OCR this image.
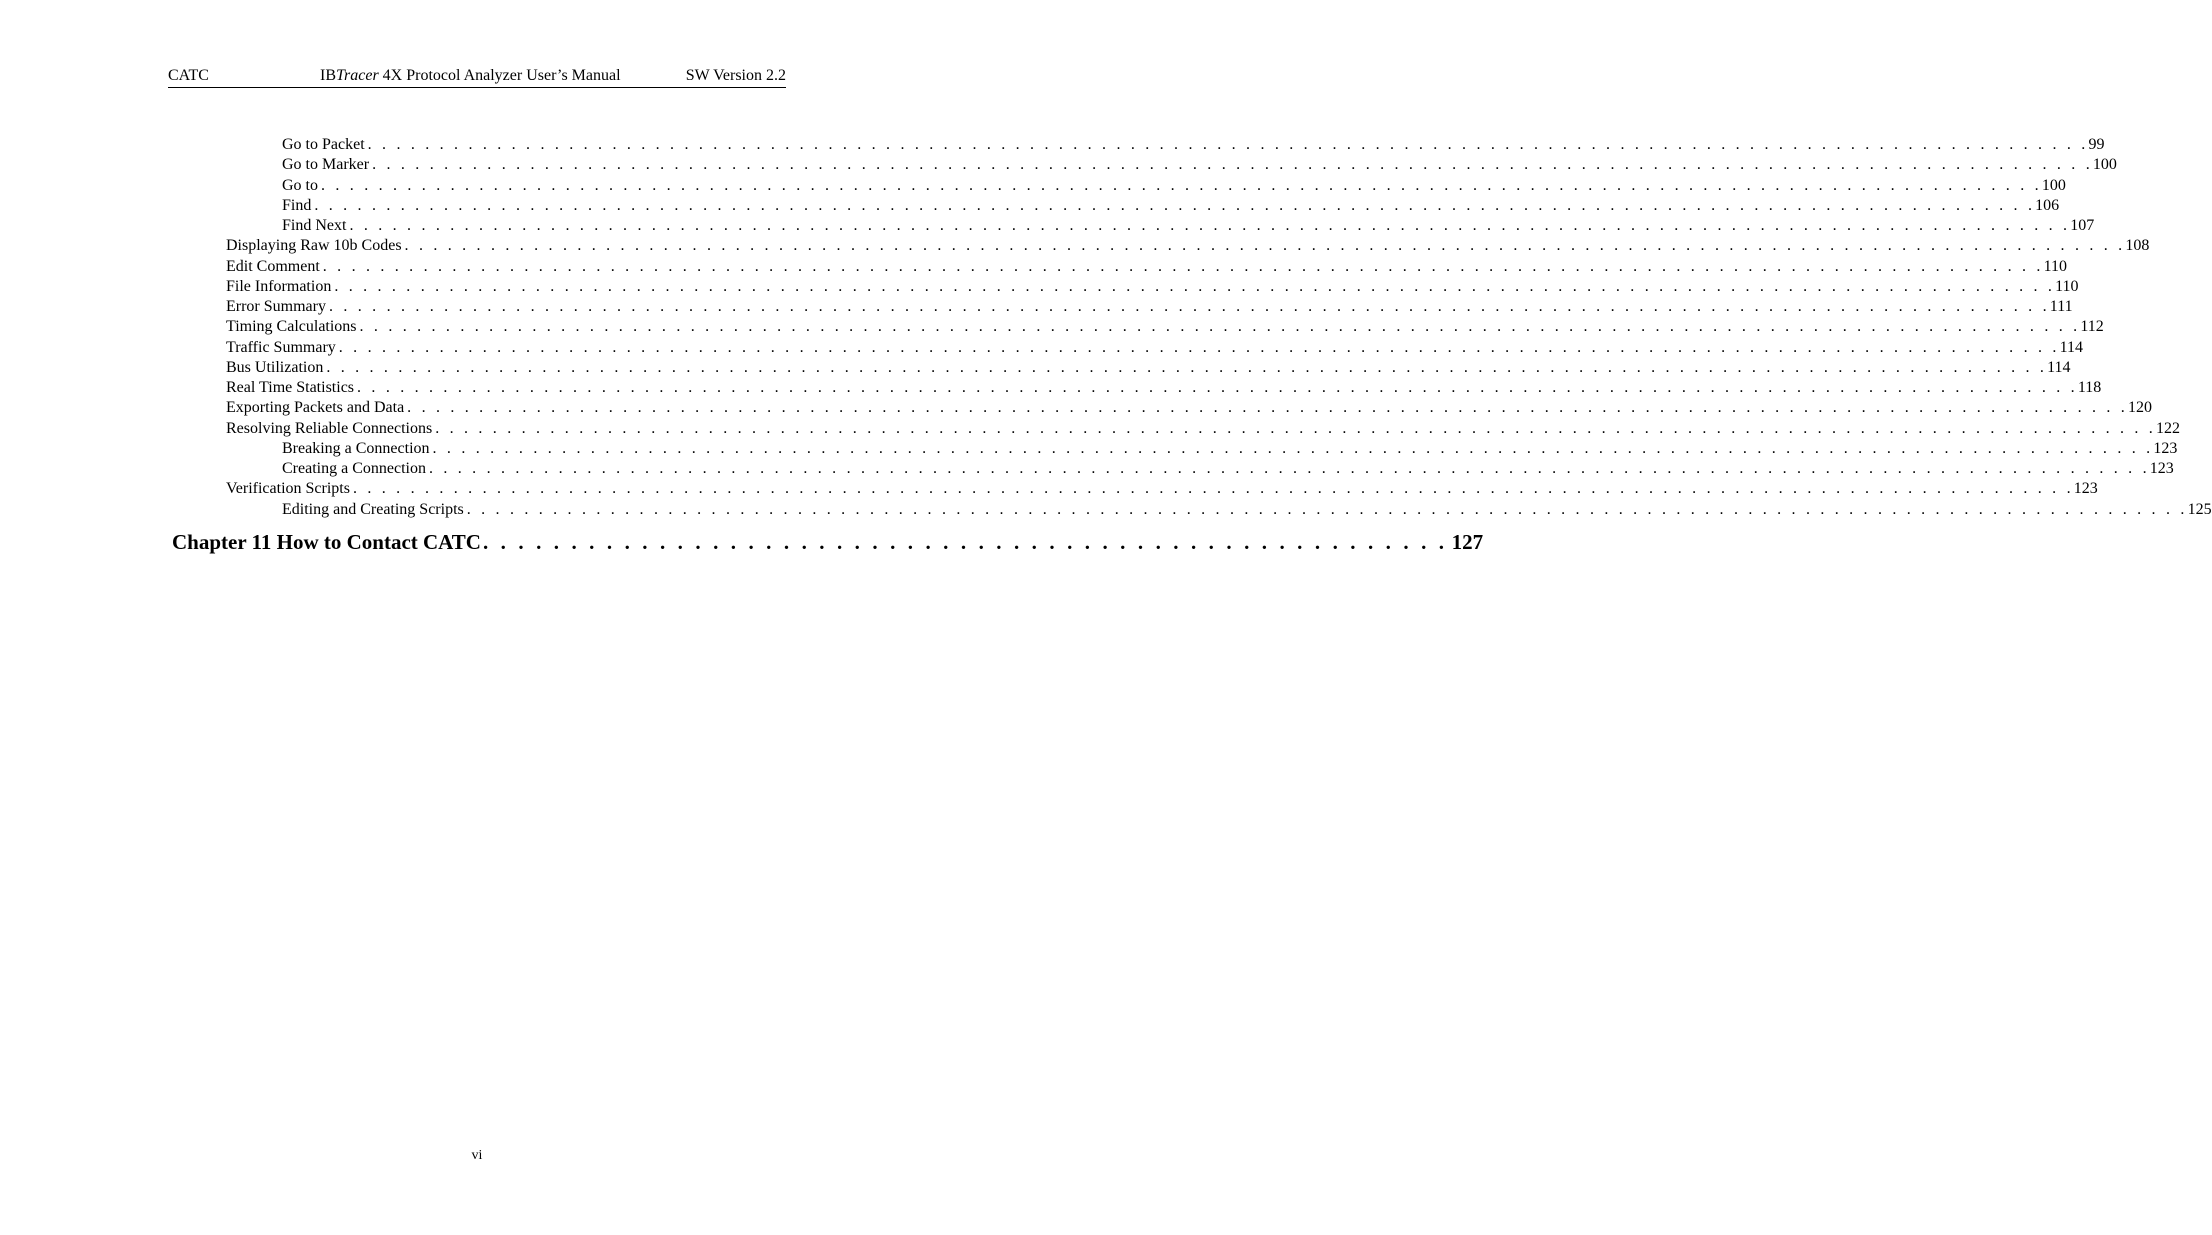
CATC	IBTracer 4X Protocol Analyzer User’s Manual	SW Version 2.2
Go to Packet . . . . . . . . . . . . . . . . . . . . . . . . . . . . . . . . . . . . . . . . . . . . . . . . . . . . . . . . . . . . . . . . . . . . . . . . . . . . . . . . . . . . . . . . . . . . . . . . . . . . . . . . . . . . . . . . . . . . . . . . 99
Go to Marker . . . . . . . . . . . . . . . . . . . . . . . . . . . . . . . . . . . . . . . . . . . . . . . . . . . . . . . . . . . . . . . . . . . . . . . . . . . . . . . . . . . . . . . . . . . . . . . . . . . . . . . . . . . . . . . . . . . . . . . . 100
Go to . . . . . . . . . . . . . . . . . . . . . . . . . . . . . . . . . . . . . . . . . . . . . . . . . . . . . . . . . . . . . . . . . . . . . . . . . . . . . . . . . . . . . . . . . . . . . . . . . . . . . . . . . . . . . . . . . . . . . . . . 100
Find . . . . . . . . . . . . . . . . . . . . . . . . . . . . . . . . . . . . . . . . . . . . . . . . . . . . . . . . . . . . . . . . . . . . . . . . . . . . . . . . . . . . . . . . . . . . . . . . . . . . . . . . . . . . . . . . . . . . . . . . 106
Find Next . . . . . . . . . . . . . . . . . . . . . . . . . . . . . . . . . . . . . . . . . . . . . . . . . . . . . . . . . . . . . . . . . . . . . . . . . . . . . . . . . . . . . . . . . . . . . . . . . . . . . . . . . . . . . . . . . . . . . . . . 107
Displaying Raw 10b Codes . . . . . . . . . . . . . . . . . . . . . . . . . . . . . . . . . . . . . . . . . . . . . . . . . . . . . . . . . . . . . . . . . . . . . . . . . . . . . . . . . . . . . . . . . . . . . . . . . . . . . . . . . . . . . . . . . . . . . . . . 108
Edit Comment . . . . . . . . . . . . . . . . . . . . . . . . . . . . . . . . . . . . . . . . . . . . . . . . . . . . . . . . . . . . . . . . . . . . . . . . . . . . . . . . . . . . . . . . . . . . . . . . . . . . . . . . . . . . . . . . . . . . . . . . 110
File Information . . . . . . . . . . . . . . . . . . . . . . . . . . . . . . . . . . . . . . . . . . . . . . . . . . . . . . . . . . . . . . . . . . . . . . . . . . . . . . . . . . . . . . . . . . . . . . . . . . . . . . . . . . . . . . . . . . . . . . . . 110
Error Summary . . . . . . . . . . . . . . . . . . . . . . . . . . . . . . . . . . . . . . . . . . . . . . . . . . . . . . . . . . . . . . . . . . . . . . . . . . . . . . . . . . . . . . . . . . . . . . . . . . . . . . . . . . . . . . . . . . . . . . . . 111
Timing Calculations . . . . . . . . . . . . . . . . . . . . . . . . . . . . . . . . . . . . . . . . . . . . . . . . . . . . . . . . . . . . . . . . . . . . . . . . . . . . . . . . . . . . . . . . . . . . . . . . . . . . . . . . . . . . . . . . . . . . . . . . 112
Traffic Summary . . . . . . . . . . . . . . . . . . . . . . . . . . . . . . . . . . . . . . . . . . . . . . . . . . . . . . . . . . . . . . . . . . . . . . . . . . . . . . . . . . . . . . . . . . . . . . . . . . . . . . . . . . . . . . . . . . . . . . . . 114
Bus Utilization . . . . . . . . . . . . . . . . . . . . . . . . . . . . . . . . . . . . . . . . . . . . . . . . . . . . . . . . . . . . . . . . . . . . . . . . . . . . . . . . . . . . . . . . . . . . . . . . . . . . . . . . . . . . . . . . . . . . . . . . 114
Real Time Statistics . . . . . . . . . . . . . . . . . . . . . . . . . . . . . . . . . . . . . . . . . . . . . . . . . . . . . . . . . . . . . . . . . . . . . . . . . . . . . . . . . . . . . . . . . . . . . . . . . . . . . . . . . . . . . . . . . . . . . . . . 118
Exporting Packets and Data . . . . . . . . . . . . . . . . . . . . . . . . . . . . . . . . . . . . . . . . . . . . . . . . . . . . . . . . . . . . . . . . . . . . . . . . . . . . . . . . . . . . . . . . . . . . . . . . . . . . . . . . . . . . . . . . . . . . . . . . 120
Resolving Reliable Connections . . . . . . . . . . . . . . . . . . . . . . . . . . . . . . . . . . . . . . . . . . . . . . . . . . . . . . . . . . . . . . . . . . . . . . . . . . . . . . . . . . . . . . . . . . . . . . . . . . . . . . . . . . . . . . . . . . . . . . . . 122
Breaking a Connection . . . . . . . . . . . . . . . . . . . . . . . . . . . . . . . . . . . . . . . . . . . . . . . . . . . . . . . . . . . . . . . . . . . . . . . . . . . . . . . . . . . . . . . . . . . . . . . . . . . . . . . . . . . . . . . . . . . . . . . . 123
Creating a Connection . . . . . . . . . . . . . . . . . . . . . . . . . . . . . . . . . . . . . . . . . . . . . . . . . . . . . . . . . . . . . . . . . . . . . . . . . . . . . . . . . . . . . . . . . . . . . . . . . . . . . . . . . . . . . . . . . . . . . . . . 123
Verification Scripts . . . . . . . . . . . . . . . . . . . . . . . . . . . . . . . . . . . . . . . . . . . . . . . . . . . . . . . . . . . . . . . . . . . . . . . . . . . . . . . . . . . . . . . . . . . . . . . . . . . . . . . . . . . . . . . . . . . . . . . . 123
Editing and Creating Scripts . . . . . . . . . . . . . . . . . . . . . . . . . . . . . . . . . . . . . . . . . . . . . . . . . . . . . . . . . . . . . . . . . . . . . . . . . . . . . . . . . . . . . . . . . . . . . . . . . . . . . . . . . . . . . . . . . . . . . . . . 125
Chapter 11 How to Contact CATC . . . . . . . . . . . . . . . . . . . . . . . . . . . . . . . . . . . . . . . . . . . . . . . . . . . . . . . 127
vi
